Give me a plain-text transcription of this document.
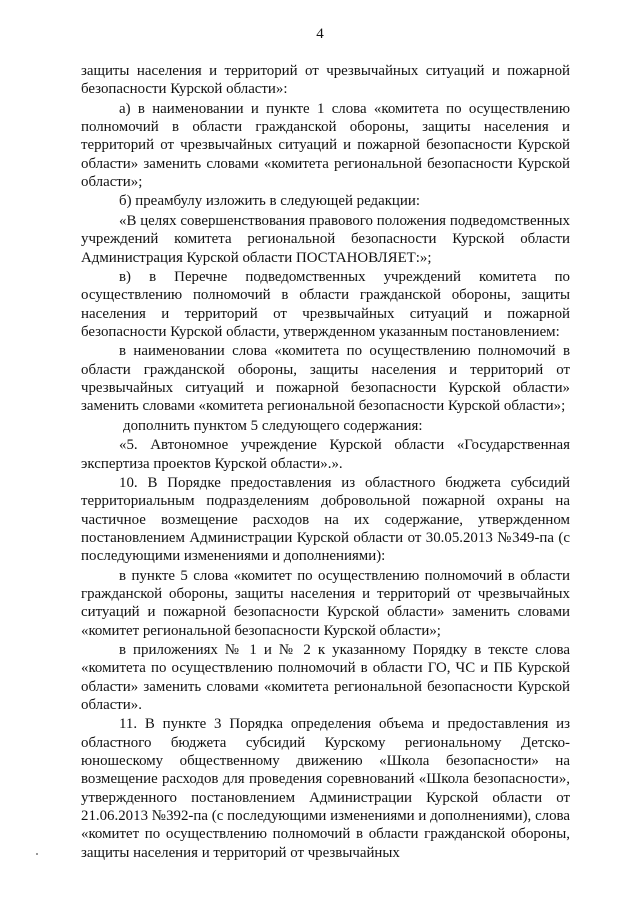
4

защиты населения и территорий от чрезвычайных ситуаций и пожарной безопасности Курской области»:

а) в наименовании и пункте 1 слова «комитета по осуществлению полномочий в области гражданской обороны, защиты населения и территорий от чрезвычайных ситуаций и пожарной безопасности Курской области» заменить словами «комитета региональной безопасности Курской области»;

б) преамбулу изложить в следующей редакции:

«В целях совершенствования правового положения подведомственных учреждений комитета региональной безопасности Курской области Администрация Курской области ПОСТАНОВЛЯЕТ:»;

в) в Перечне подведомственных учреждений комитета по осуществлению полномочий в области гражданской обороны, защиты населения и территорий от чрезвычайных ситуаций и пожарной безопасности Курской области, утвержденном указанным постановлением:

в наименовании слова «комитета по осуществлению полномочий в области гражданской обороны, защиты населения и территорий от чрезвычайных ситуаций и пожарной безопасности Курской области» заменить словами «комитета региональной безопасности Курской области»;

дополнить пунктом 5 следующего содержания:

«5. Автономное учреждение Курской области «Государственная экспертиза проектов Курской области».».

10. В Порядке предоставления из областного бюджета субсидий территориальным подразделениям добровольной пожарной охраны на частичное возмещение расходов на их содержание, утвержденном постановлением Администрации Курской области от 30.05.2013 №349-па (с последующими изменениями и дополнениями):

в пункте 5 слова «комитет по осуществлению полномочий в области гражданской обороны, защиты населения и территорий от чрезвычайных ситуаций и пожарной безопасности Курской области» заменить словами «комитет региональной безопасности Курской области»;

в приложениях № 1 и № 2 к указанному Порядку в тексте слова «комитета по осуществлению полномочий в области ГО, ЧС и ПБ Курской области» заменить словами «комитета региональной безопасности Курской области».

11. В пункте 3 Порядка определения объема и предоставления из областного бюджета субсидий Курскому региональному Детско-юношескому общественному движению «Школа безопасности» на возмещение расходов для проведения соревнований «Школа безопасности», утвержденного постановлением Администрации Курской области от 21.06.2013 №392-па (с последующими изменениями и дополнениями), слова «комитет по осуществлению полномочий в области гражданской обороны, защиты населения и территорий от чрезвычайных
